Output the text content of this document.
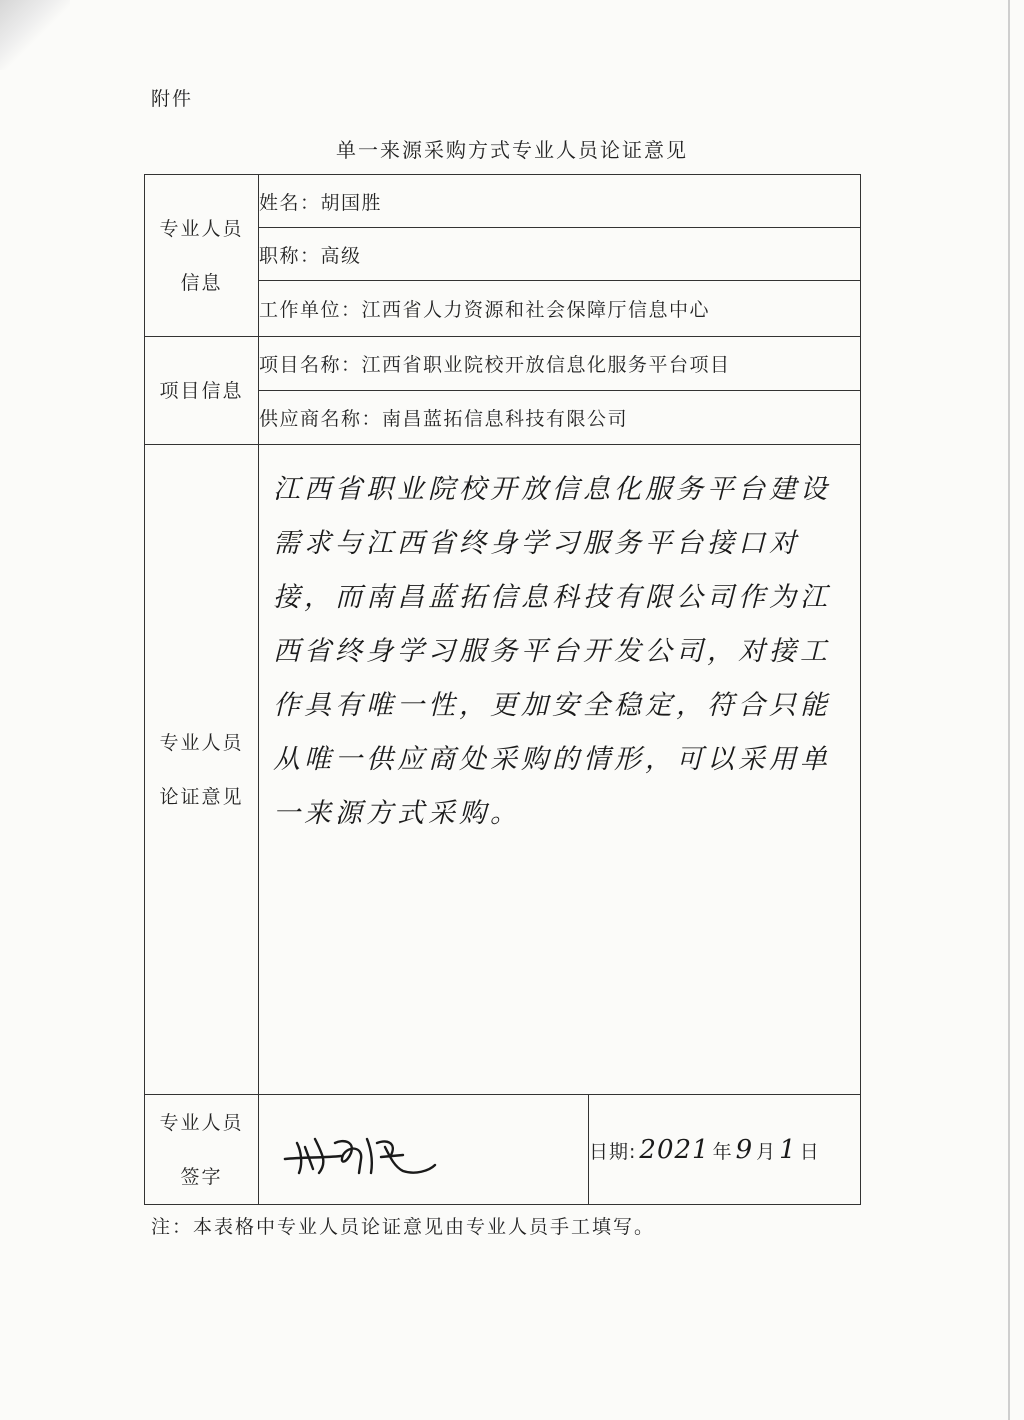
附件
单一来源采购方式专业人员论证意见
专业人员信息	姓名：胡国胜	
	职称：高级	
	工作单位：江西省人力资源和社会保障厅信息中心	
项目信息	项目名称：江西省职业院校开放信息化服务平台项目	
	供应商名称：南昌蓝拓信息科技有限公司	

专业人员论证意见	江西省职业院校开放信息化服务平台建设需求与江西省终身学习服务平台接口对接，而南昌蓝拓信息科技有限公司作为江西省终身学习服务平台开发公司，对接工作具有唯一性，更加安全稳定，符合只能从唯一供应商处采购的情形，可以采用单一来源方式采购。	

专业人员签字		日期: 2021 年 9 月 1 日
注：本表格中专业人员论证意见由专业人员手工填写。
